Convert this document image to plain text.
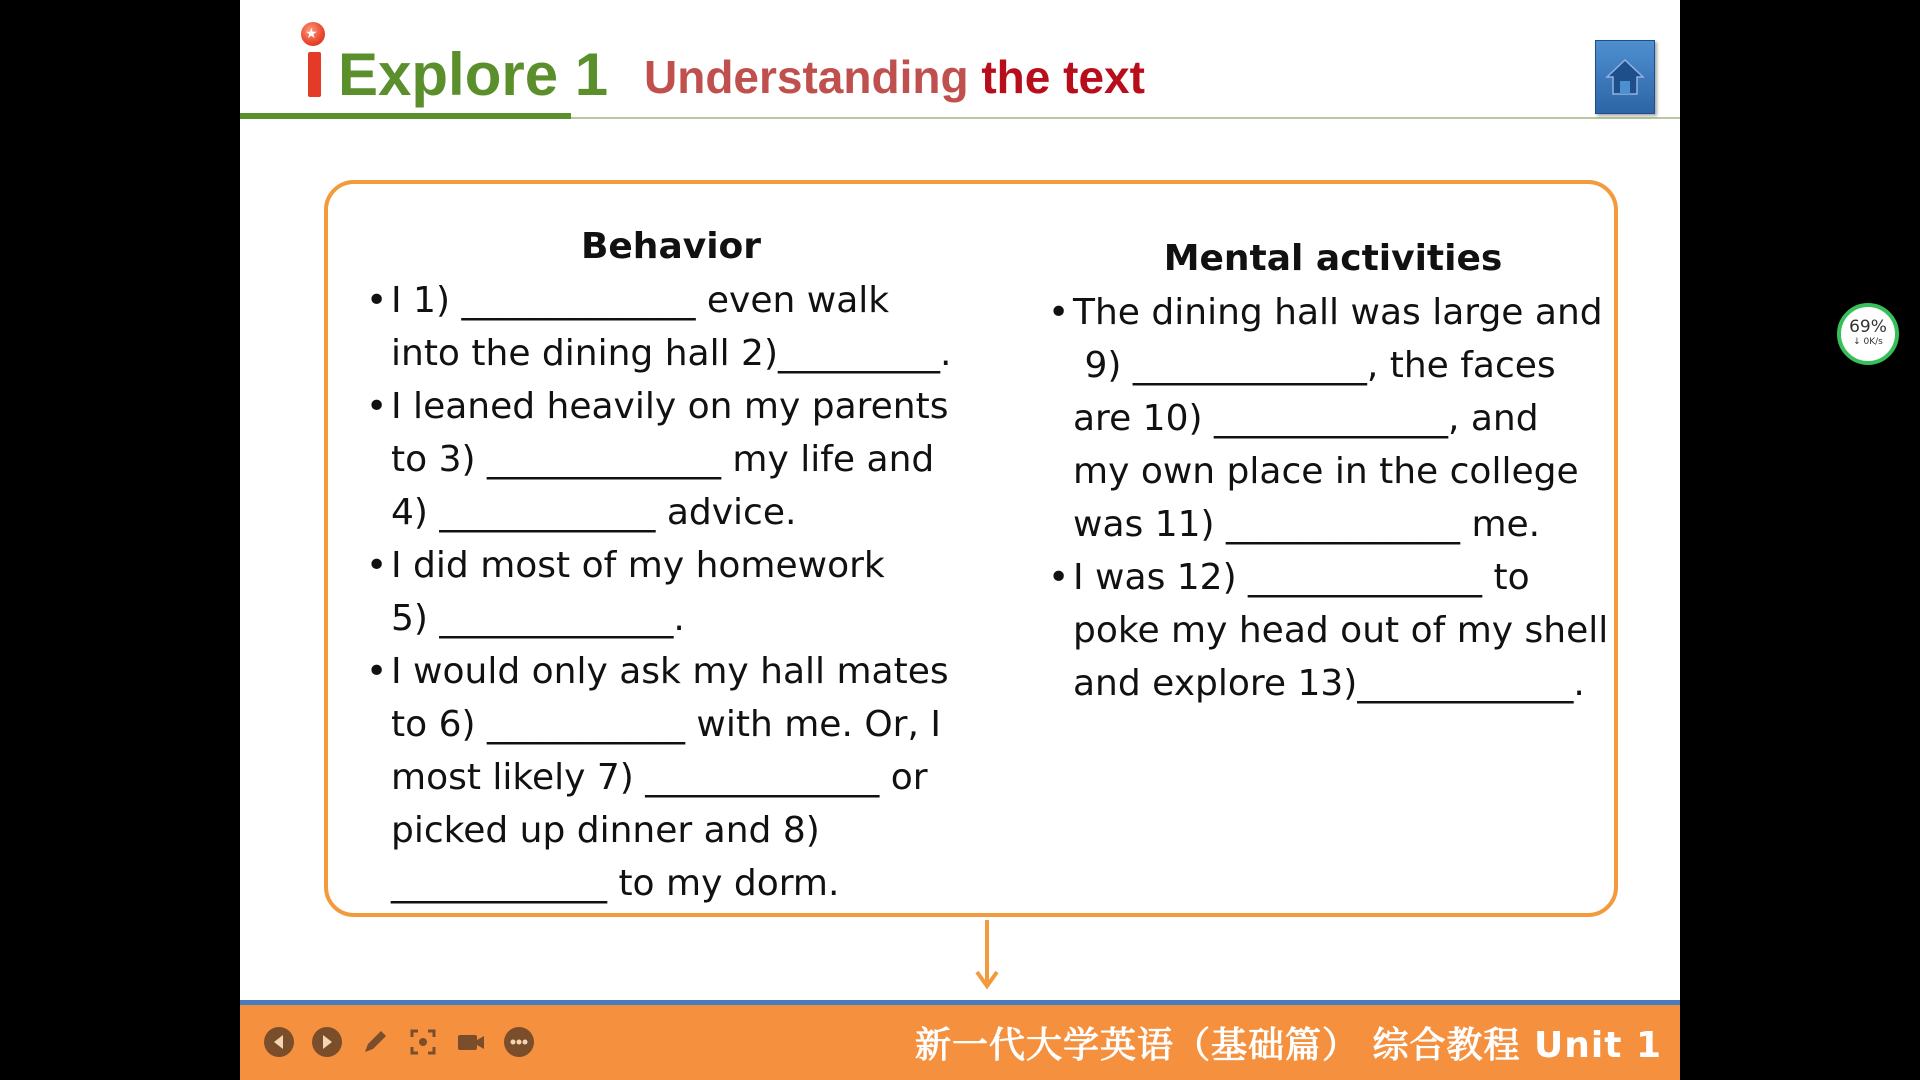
★
Explore 1 Understanding the text
Behavior
• I 1) _____________ even walk
into the dining hall 2)_________.
• I leaned heavily on my parents
to 3) _____________ my life and
4) ____________ advice.
• I did most of my homework
5) _____________.
• I would only ask my hall mates
to 6) ___________ with me. Or, I
most likely 7) _____________ or
picked up dinner and 8)
____________ to my dorm.
Mental activities
• The dining hall was large and
9) _____________, the faces
are 10) _____________, and
my own place in the college
was 11) _____________ me.
• I was 12) _____________ to
poke my head out of my shell
and explore 13)____________.
新一代大学英语（基础篇） 综合教程 Unit 1
69%
↓ 0K/s
